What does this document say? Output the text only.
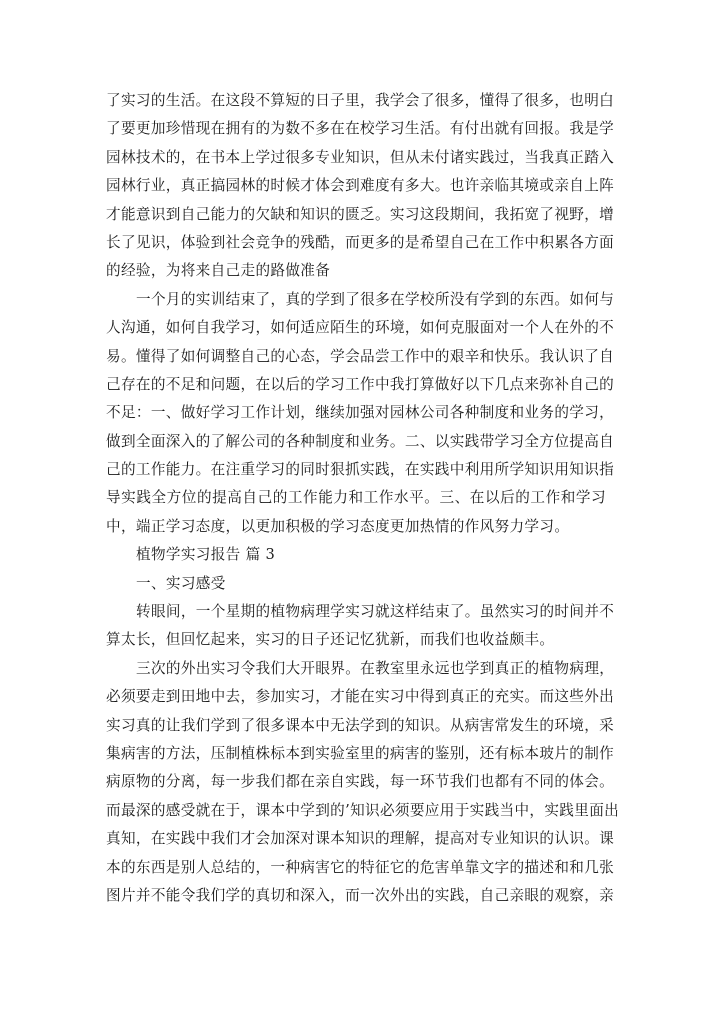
了实习的生活。在这段不算短的日子里，我学会了很多，懂得了很多，也明白
了要更加珍惜现在拥有的为数不多在在校学习生活。有付出就有回报。我是学
园林技术的，在书本上学过很多专业知识，但从未付诸实践过，当我真正踏入
园林行业，真正搞园林的时候才体会到难度有多大。也许亲临其境或亲自上阵
才能意识到自己能力的欠缺和知识的匮乏。实习这段期间，我拓宽了视野，增
长了见识，体验到社会竞争的残酷，而更多的是希望自己在工作中积累各方面
的经验，为将来自己走的路做准备
一个月的实训结束了，真的学到了很多在学校所没有学到的东西。如何与
人沟通，如何自我学习，如何适应陌生的环境，如何克服面对一个人在外的不
易。懂得了如何调整自己的心态，学会品尝工作中的艰辛和快乐。我认识了自
己存在的不足和问题，在以后的学习工作中我打算做好以下几点来弥补自己的
不足：一、做好学习工作计划，继续加强对园林公司各种制度和业务的学习，
做到全面深入的了解公司的各种制度和业务。二、以实践带学习全方位提高自
己的工作能力。在注重学习的同时狠抓实践，在实践中利用所学知识用知识指
导实践全方位的提高自己的工作能力和工作水平。三、在以后的工作和学习
中，端正学习态度，以更加积极的学习态度更加热情的作风努力学习。
植物学实习报告 篇 3
一、实习感受
转眼间，一个星期的植物病理学实习就这样结束了。虽然实习的时间并不
算太长，但回忆起来，实习的日子还记忆犹新，而我们也收益颇丰。
三次的外出实习令我们大开眼界。在教室里永远也学到真正的植物病理，
必须要走到田地中去，参加实习，才能在实习中得到真正的充实。而这些外出
实习真的让我们学到了很多课本中无法学到的知识。从病害常发生的环境，采
集病害的方法，压制植株标本到实验室里的病害的鉴别，还有标本玻片的制作
病原物的分离，每一步我们都在亲自实践，每一环节我们也都有不同的体会。
而最深的感受就在于，课本中学到的’知识必须要应用于实践当中，实践里面出
真知，在实践中我们才会加深对课本知识的理解，提高对专业知识的认识。课
本的东西是别人总结的，一种病害它的特征它的危害单靠文字的描述和和几张
图片并不能令我们学的真切和深入，而一次外出的实践，自己亲眼的观察，亲
